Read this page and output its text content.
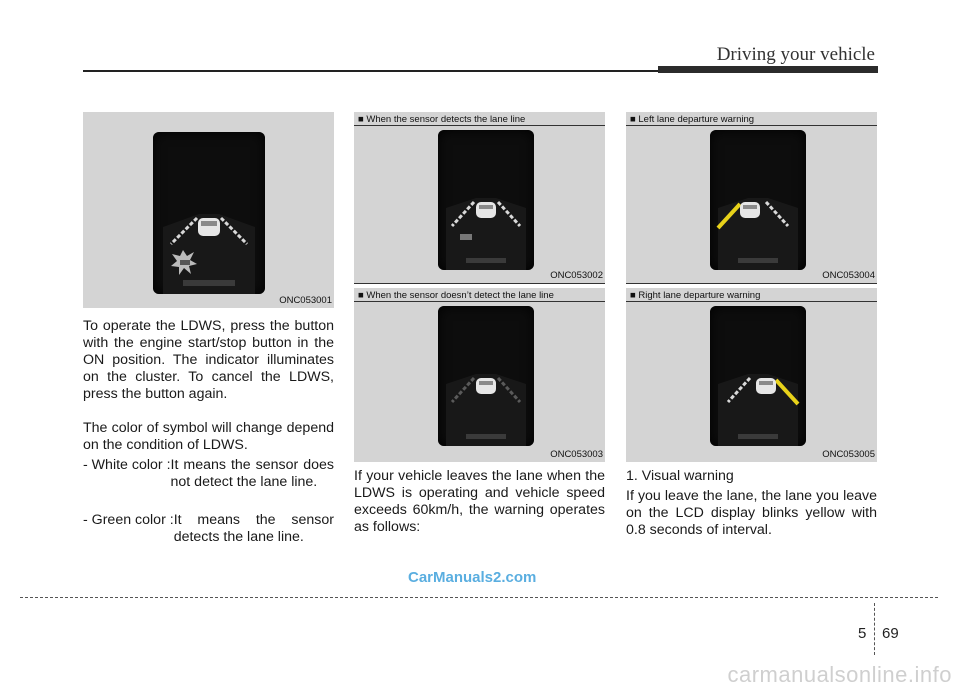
Driving your vehicle
ONC053001
■ When the sensor detects the lane line
ONC053002
■ When the sensor doesn’t detect the lane line
ONC053003
■ Left lane departure warning
ONC053004
■ Right lane departure warning
ONC053005
To operate the LDWS, press the button with the engine start/stop button in the ON position. The indicator illuminates on the cluster. To cancel the LDWS, press the button again.
The color of symbol will change depend on the condition of LDWS.
- White color : It means the sensor does not detect the lane line.
- Green color : It means the sensor detects the lane line.
If your vehicle leaves the lane when the LDWS is operating and vehicle speed exceeds 60km/h, the warning operates as follows:
1. Visual warning
If you leave the lane, the lane you leave on the LCD display blinks yellow with 0.8 seconds of interval.
CarManuals2.com
5 69
carmanualsonline.info
